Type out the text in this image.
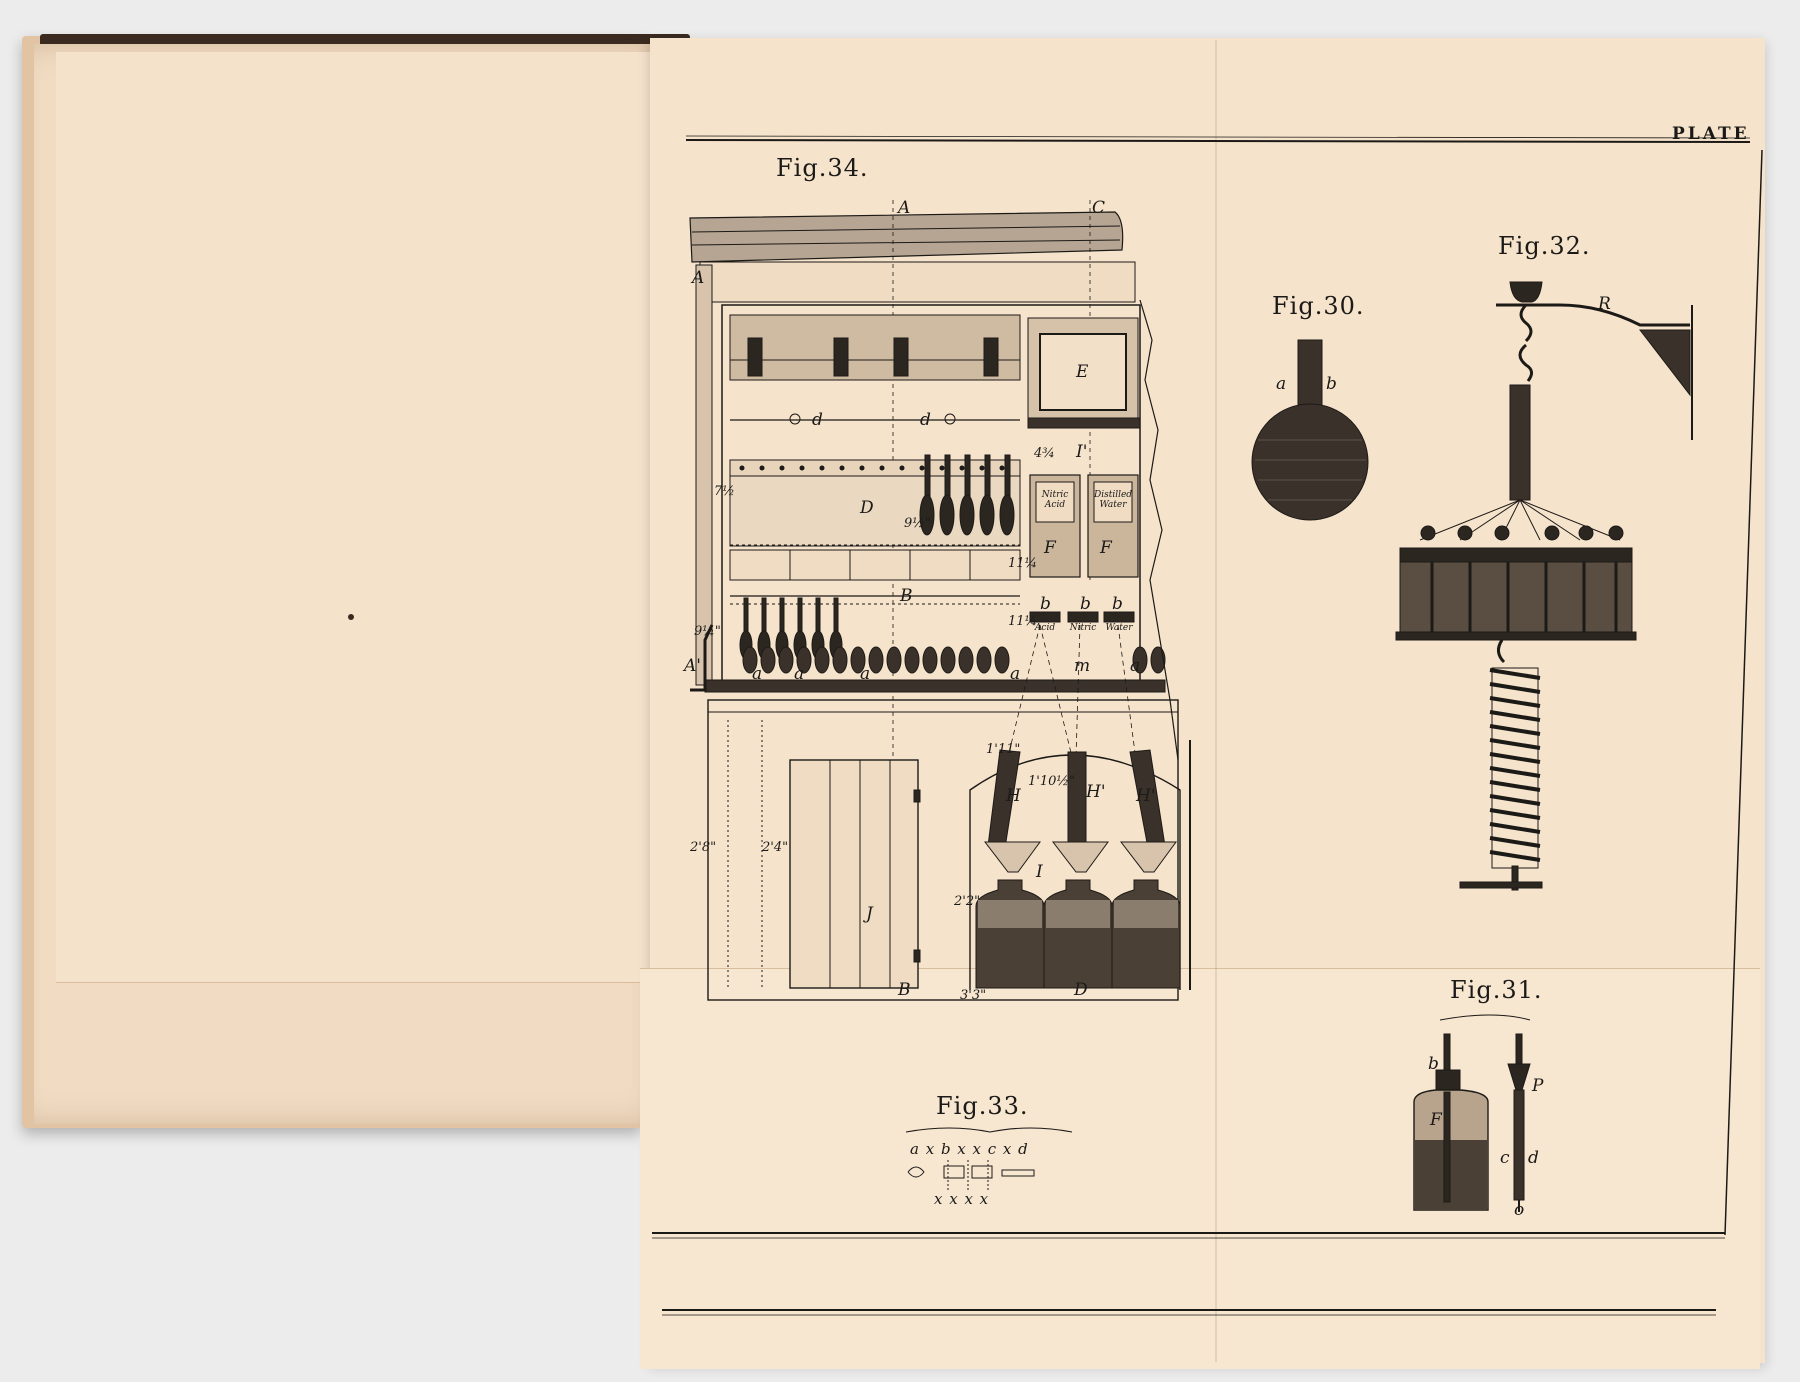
PLATE
Fig.34.
A	C
A
E
d	d
I'
D
F	F
B	b b b
a a	a	a	a
m
A'
H	H' H'
I
J
B	D
7½
9½"
9¼"
2'8"	2'4"
2'2"
1'11"
1'10½"
3'3"
4¾
11¼
11¼
Nitric Acid
Distilled Water
Acid	Nitric Water
Fig.30.
a b
Fig.32.
R
Fig.33.
a x b x x c x d
x x x x
Fig.31.
b
F
P
c d
o
